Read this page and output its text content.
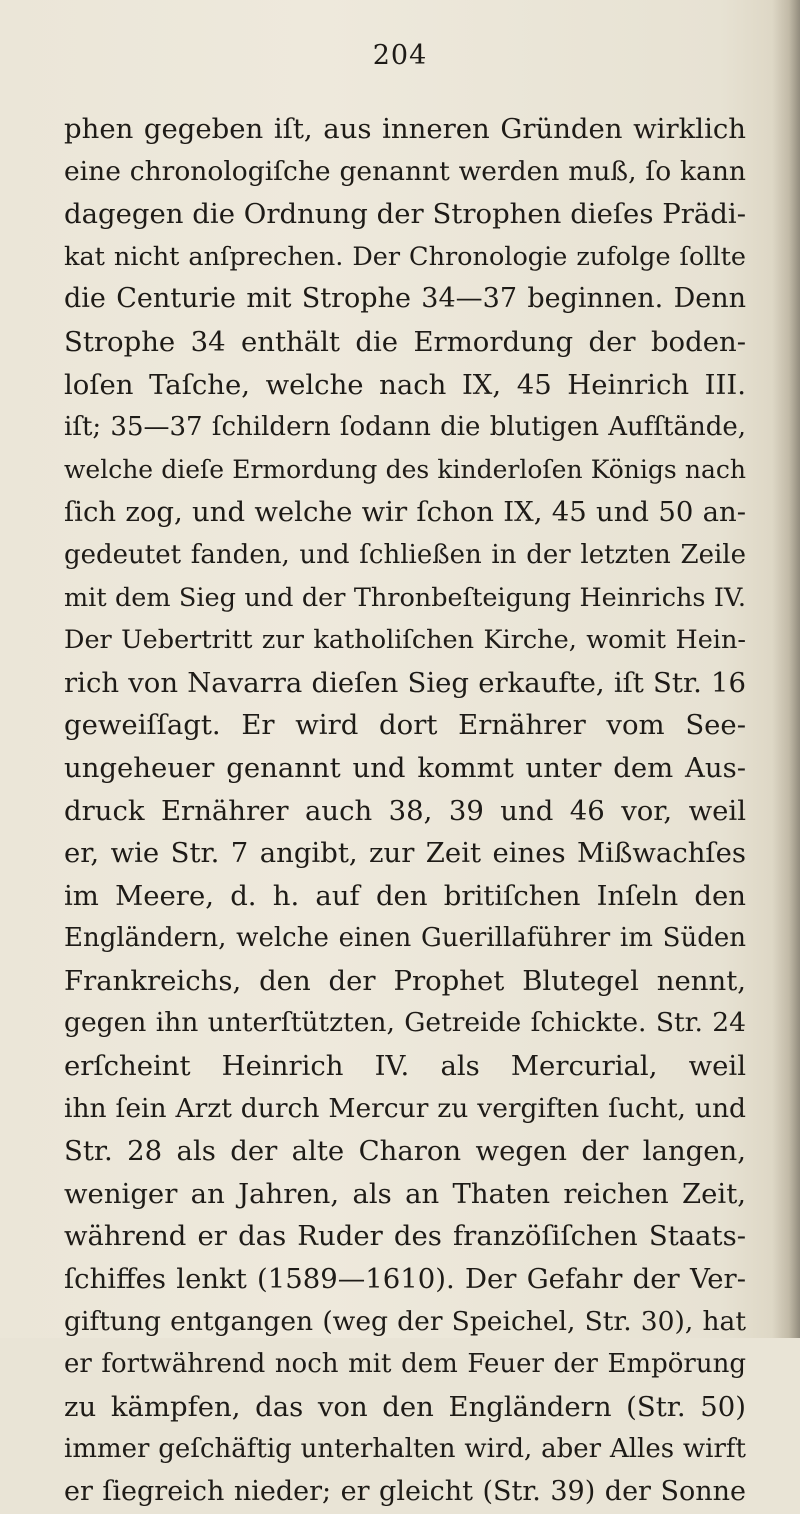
204
phen gegeben iſt, aus inneren Gründen wirklich
eine chronologiſche genannt werden muß, ſo kann
dagegen die Ordnung der Strophen dieſes Prädi-
kat nicht anſprechen. Der Chronologie zufolge ſollte
die Centurie mit Strophe 34—37 beginnen. Denn
Strophe 34 enthält die Ermordung der boden-
loſen Taſche, welche nach IX, 45 Heinrich III.
iſt; 35—37 ſchildern ſodann die blutigen Aufſtände,
welche dieſe Ermordung des kinderloſen Königs nach
ſich zog, und welche wir ſchon IX, 45 und 50 an-
gedeutet fanden, und ſchließen in der letzten Zeile
mit dem Sieg und der Thronbeſteigung Heinrichs IV.
Der Uebertritt zur katholiſchen Kirche, womit Hein-
rich von Navarra dieſen Sieg erkaufte, iſt Str. 16
geweiſſagt. Er wird dort Ernährer vom See-
ungeheuer genannt und kommt unter dem Aus-
druck Ernährer auch 38, 39 und 46 vor, weil
er, wie Str. 7 angibt, zur Zeit eines Mißwachſes
im Meere, d. h. auf den britiſchen Inſeln den
Engländern, welche einen Guerillaführer im Süden
Frankreichs, den der Prophet Blutegel nennt,
gegen ihn unterſtützten, Getreide ſchickte. Str. 24
erſcheint Heinrich IV. als Mercurial, weil
ihn ſein Arzt durch Mercur zu vergiften ſucht, und
Str. 28 als der alte Charon wegen der langen,
weniger an Jahren, als an Thaten reichen Zeit,
während er das Ruder des franzöſiſchen Staats-
ſchiffes lenkt (1589—1610). Der Gefahr der Ver-
giftung entgangen (weg der Speichel, Str. 30), hat
er fortwährend noch mit dem Feuer der Empörung
zu kämpfen, das von den Engländern (Str. 50)
immer geſchäftig unterhalten wird, aber Alles wirft
er ſiegreich nieder; er gleicht (Str. 39) der Sonne
